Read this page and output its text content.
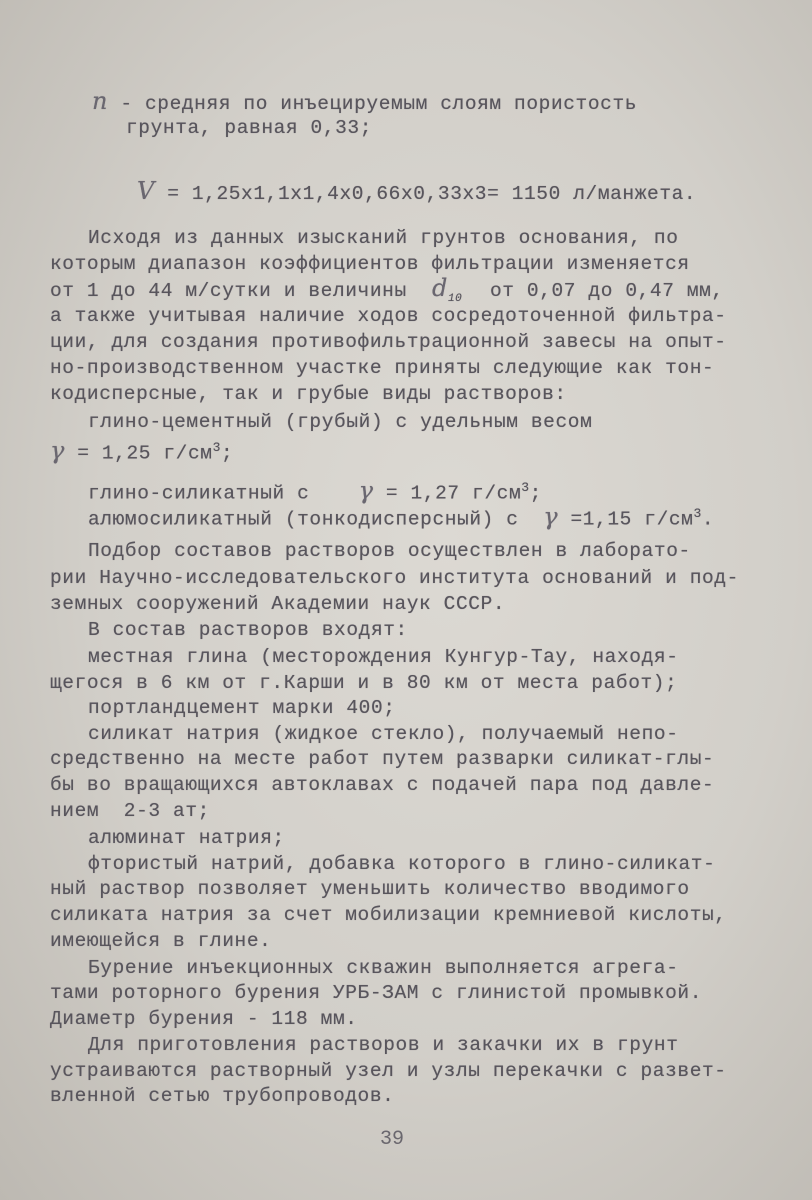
n - средняя по инъецируемым слоям пористость
грунта, равная 0,33;
V = 1,25x1,1x1,4x0,66x0,33x3= 1150 л/манжета.
Исходя из данных изысканий грунтов основания, по
которым диапазон коэффициентов фильтрации изменяется
от 1 до 44 м/сутки и величины $d_{10}$ от 0,07 до 0,47 мм,
а также учитывая наличие ходов сосредоточенной фильтра-
ции, для создания противофильтрационной завесы на опыт-
но-производственном участке приняты следующие как тон-
кодисперсные, так и грубые виды растворов:
глино-цементный (грубый) с удельным весом
γ = 1,25 $г/см^3$;
глино-силикатный с γ = 1,27 $г/см^3$;
алюмосиликатный (тонкодисперсный) с γ =1,15 $г/см^3$.
Подбор составов растворов осуществлен в лаборато-
рии Научно-исследовательского института оснований и под-
земных сооружений Академии наук СССР.
В состав растворов входят:
местная глина (месторождения Кунгур-Тау, находя-
щегося в 6 км от г.Карши и в 80 км от места работ);
портландцемент марки 400;
силикат натрия (жидкое стекло), получаемый непо-
средственно на месте работ путем разварки силикат-глы-
бы во вращающихся автоклавах с подачей пара под давле-
нием  2-3 ат;
алюминат натрия;
фтористый натрий, добавка которого в глино-силикат-
ный раствор позволяет уменьшить количество вводимого
силиката натрия за счет мобилизации кремниевой кислоты,
имеющейся в глине.
Бурение инъекционных скважин выполняется агрега-
тами роторного бурения УРБ-ЗАМ с глинистой промывкой.
Диаметр бурения - 118 мм.
Для приготовления растворов и закачки их в грунт
устраиваются растворный узел и узлы перекачки с развет-
вленной сетью трубопроводов.
39
